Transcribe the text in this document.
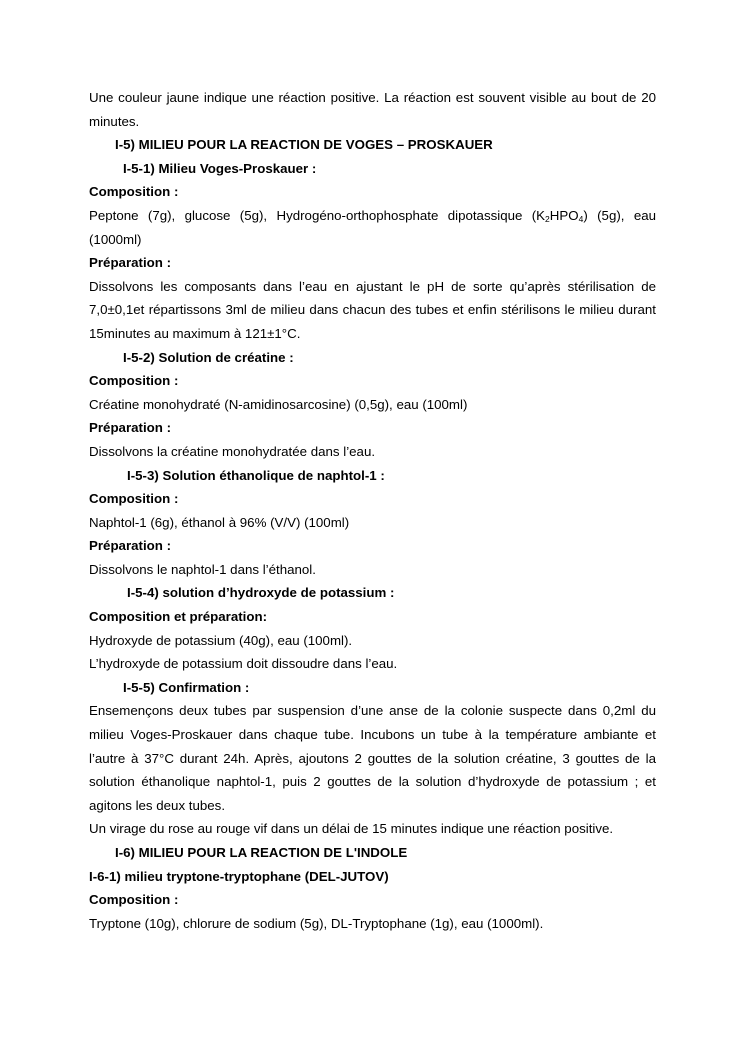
Une couleur jaune indique une réaction positive. La réaction est souvent visible au bout de 20 minutes.

I-5) MILIEU POUR LA REACTION DE VOGES – PROSKAUER

I-5-1) Milieu Voges-Proskauer :

Composition :

Peptone (7g), glucose (5g), Hydrogéno-orthophosphate dipotassique $(K_2HPO_4)$ (5g), eau (1000ml)

Préparation :

Dissolvons les composants dans l’eau en ajustant le pH de sorte qu’après stérilisation de 7,0±0,1et répartissons 3ml de milieu dans chacun des tubes et enfin stérilisons le milieu durant 15minutes au maximum à 121±1°C.

I-5-2) Solution de créatine :

Composition :

Créatine monohydraté (N-amidinosarcosine) (0,5g), eau (100ml)

Préparation :

Dissolvons la créatine monohydratée dans l’eau.

I-5-3) Solution éthanolique de naphtol-1 :

Composition :

Naphtol-1 (6g), éthanol à 96% (V/V) (100ml)

Préparation :

Dissolvons le naphtol-1 dans l’éthanol.

I-5-4) solution d’hydroxyde de potassium :

Composition et préparation:

Hydroxyde de potassium (40g), eau (100ml).

L’hydroxyde de potassium doit dissoudre dans l’eau.

I-5-5) Confirmation :

Ensemençons deux tubes par suspension d’une anse de la colonie suspecte dans 0,2ml du milieu Voges-Proskauer dans chaque tube. Incubons un tube à la température ambiante et l’autre à 37°C durant 24h. Après, ajoutons 2 gouttes de la solution créatine, 3 gouttes de la solution éthanolique naphtol-1, puis 2 gouttes de la solution d’hydroxyde de potassium ; et agitons les deux tubes.

Un virage du rose au rouge vif dans un délai de 15 minutes indique une réaction positive.

I-6) MILIEU POUR LA REACTION DE L'INDOLE

I-6-1) milieu tryptone-tryptophane (DEL-JUTOV)

Composition :

Tryptone (10g), chlorure de sodium (5g), DL-Tryptophane (1g), eau (1000ml).
